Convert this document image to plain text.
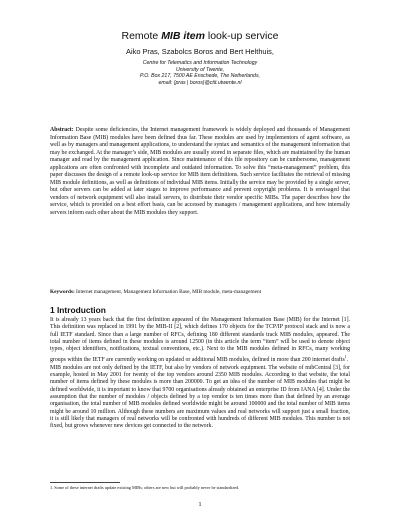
Remote MIB item look-up service
Aiko Pras, Szabolcs Boros and Bert Helthuis,
Centre for Telematics and Information Technology
University of Twente,
P.O. Box 217, 7500 AE Enschede, The Netherlands,
email: {pras | boros}@ctit.utwente.nl
Abstract: Despite some deficiencies, the Internet management framework is widely deployed and thousands of Management Information Base (MIB) modules have been defined thus far. These modules are used by implementors of agent software, as well as by managers and management applications, to understand the syntax and semantics of the management information that may be exchanged. At the manager’s side, MIB modules are usually stored in separate files, which are maintained by the human manager and read by the management application. Since maintenance of this file repository can be cumbersome, management applications are often confronted with incomplete and outdated information. To solve this “meta-management” problem, this paper discusses the design of a remote look-up service for MIB item definitions. Such service facilitates the retrieval of missing MIB module definitions, as well as definitions of individual MIB items. Initially the service may be provided by a single server, but other servers can be added at later stages to improve performance and prevent copyright problems. It is envisaged that vendors of network equipment will also install servers, to distribute their vendor specific MIBs. The paper describes how the service, which is provided on a best effort basis, can be accessed by managers / management applications, and how internally servers inform each other about the MIB modules they support.
Keywords: Internet management, Management Information Base, MIB module, meta-management
1 Introduction
It is already 13 years back that the first definition appeared of the Management Information Base (MIB) for the Internet [1]. This definition was replaced in 1991 by the MIB-II [2], which defines 170 objects for the TCP/IP protocol stack and is now a full IETF standard. Since than a large number of RFCs, defining 180 different standards track MIB modules, appeared. The total number of items defined in these modules is around 12500 (in this article the term “item” will be used to denote object types, object identifiers, notifications, textual conventions, etc.). Next to the MIB modules defined in RFCs, many working groups within the IETF are currently working on updated or additional MIB modules, defined in more than 200 internet drafts$^1$.
MIB modules are not only defined by the IETF, but also by vendors of network equipment. The website of mibCentral [3], for example, hosted in May 2001 for twenty of the top vendors around 2350 MIB modules. According to that website, the total number of items defined by these modules is more than 200000. To get an idea of the number of MIB modules that might be defined worldwide, it is important to know that 9700 organisations already obtained an enterprise ID from IANA [4]. Under the assumption that the number of modules / objects defined by a top vendor is ten times more than that defined by an average organisation, the total number of MIB modules defined worldwide might be around 100000 and the total number of MIB items might be around 10 million. Although these numbers are maximum values and real networks will support just a small fraction, it is still likely that managers of real networks will be confronted with hundreds of different MIB modules. This number is not fixed, but grows whenever new devices get connected to the network.
1. Some of these internet drafts update existing MIBs; others are new but will probably never be standardized.
1
